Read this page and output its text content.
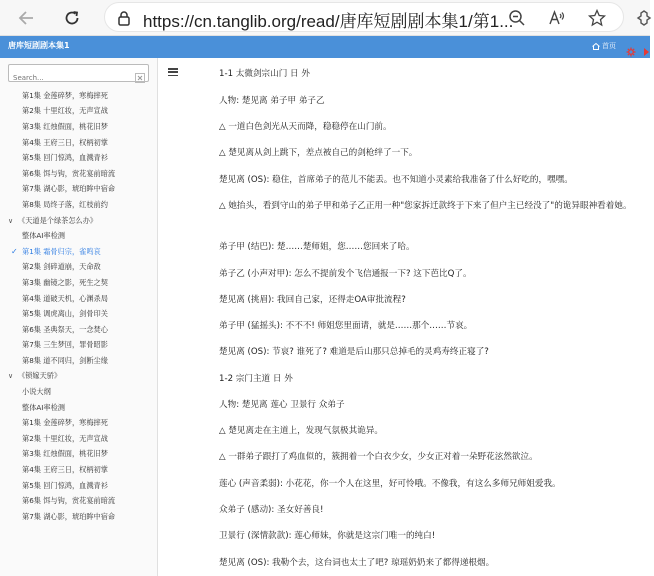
https://cn.tanglib.org/read/唐库短剧剧本集1/第1...
唐库短剧剧本集1	首页
Search...
第1集 金莲碎梦，寒梅摔死
第2集 十里红妆，无声宣战
第3集 红烛假面，桃花旧梦
第4集 王府三日，权柄初掌
第5集 回门惊鸿，血溅青衫
第6集 饵与钩，赏花宴前暗流
第7集 湖心影，琥珀眸中宿命
第8集 局终子落，红枝前约
∨ 《天道是个绿茶怎么办》
整体AI率检测
✓ 第1集 霜骨归宗，雀鸣哀
第2集 剑碎道崩，天命敌
第3集 幽镜之影，死生之契
第4集 道破天机，心渊杀局
第5集 调虎离山，剑骨印关
第6集 圣典祭天，一念焚心
第7集 三生梦回，罪骨昭影
第8集 道不同归，剑断尘缘
∨ 《锁嫁天骄》
小说大纲
整体AI率检测
第1集 金莲碎梦，寒梅摔死
第2集 十里红妆，无声宣战
第3集 红烛假面，桃花旧梦
第4集 王府三日，权柄初掌
第5集 回门惊鸿，血溅青衫
第6集 饵与钩，赏花宴前暗流
第7集 湖心影，琥珀眸中宿命
1-1 太微剑宗山门 日 外
人物: 楚见离 弟子甲 弟子乙
△ 一道白色剑光从天而降，稳稳停在山门前。
△ 楚见离从剑上跳下，差点被自己的剑枪绊了一下。
楚见离 (OS): 稳住，首席弟子的范儿不能丢。也不知道小灵素给我准备了什么好吃的，嘿嘿。
△ 她抬头，看到守山的弟子甲和弟子乙正用一种"您家拆迁款终于下来了但户主已经没了"的诡异眼神看着她。
弟子甲 (结巴): 楚……楚师姐，您……您回来了哈。
弟子乙 (小声对甲): 怎么不提前发个飞信通报一下? 这下芭比Q了。
楚见离 (挑眉): 我回自己家，还得走OA审批流程?
弟子甲 (猛摇头): 不不不! 师姐您里面请，就是……那个……节哀。
楚见离 (OS): 节哀? 谁死了? 难道是后山那只总掉毛的灵鸡寿终正寝了?
1-2 宗门主道 日 外
人物: 楚见离 莲心 卫景行 众弟子
△ 楚见离走在主道上，发现气氛极其诡异。
△ 一群弟子跟打了鸡血似的，簇拥着一个白衣少女，少女正对着一朵野花泫然欲泣。
莲心 (声音柔弱): 小花花，你一个人在这里，好可怜哦。不像我，有这么多师兄师姐爱我。
众弟子 (感动): 圣女好善良!
卫景行 (深情款款): 莲心师妹，你就是这宗门唯一的纯白!
楚见离 (OS): 我勒个去，这台词也太土了吧? 琼瑶奶奶来了都得递根烟。
